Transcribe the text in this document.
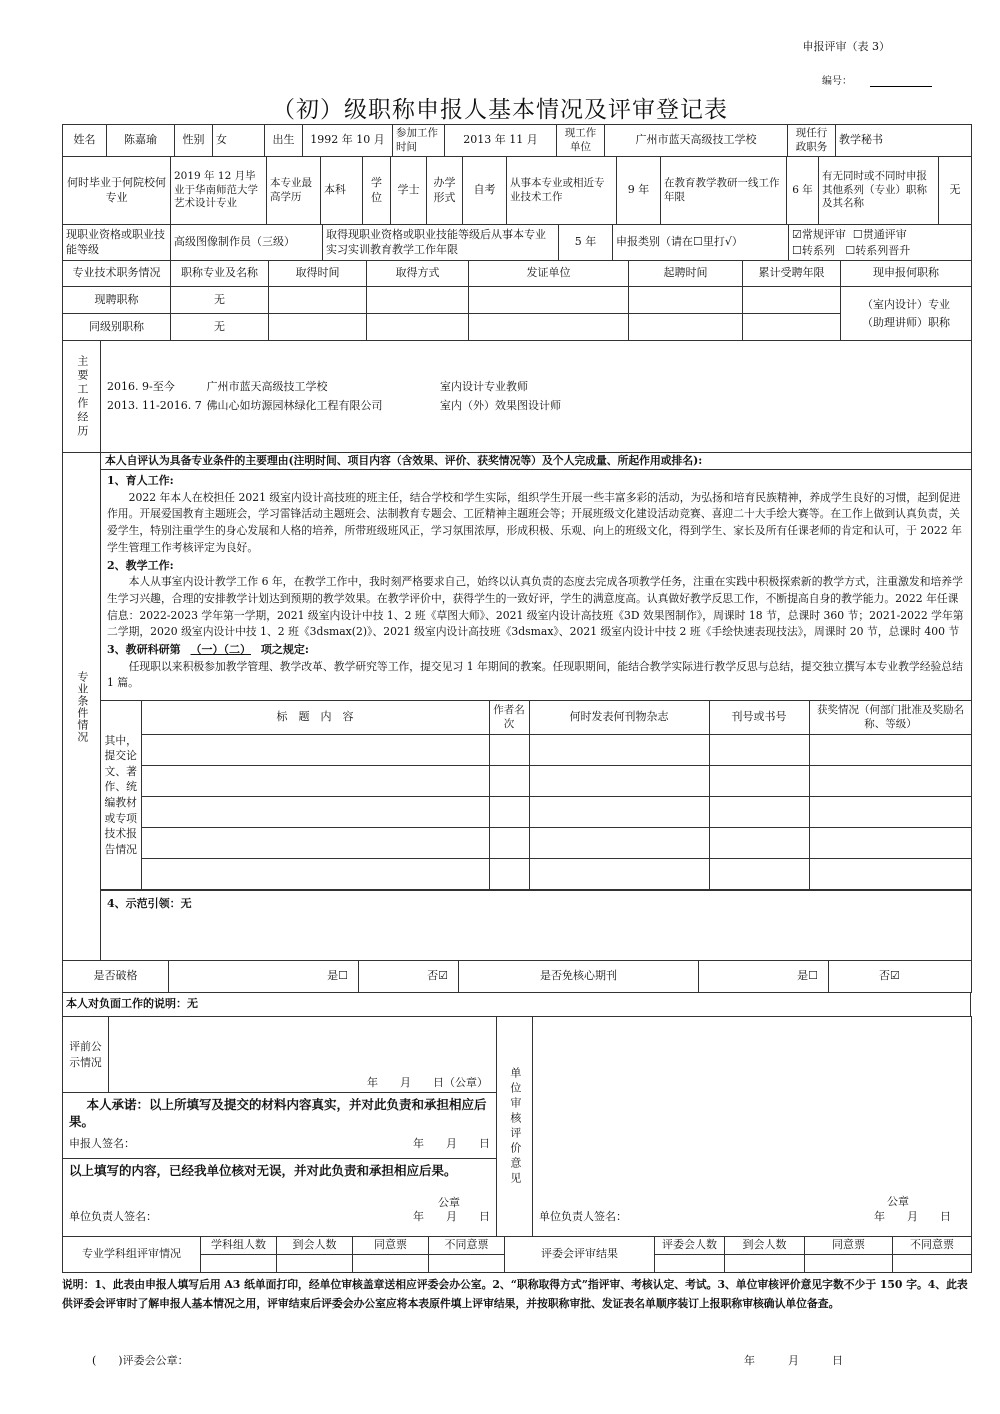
申报评审（表 3）
编号：
（初）级职称申报人基本情况及评审登记表
姓名	陈嘉瑜	性别	女	出生	1992 年 10 月	参加工作时间	2013 年 11 月	现工作单位	广州市蓝天高级技工学校	现任行政职务	教学秘书
何时毕业于何院校何专业	2019 年 12 月毕业于华南师范大学 艺术设计专业	本专业最高学历	本科	学位	学士	办学形式	自考	从事本专业或相近专业技术工作	9 年	在教育教学教研一线工作年限	6 年	有无同时或不同时申报其他系列（专业）职称及其名称	无
现职业资格或职业技能等级	高级图像制作员（三级）	取得现职业资格或职业技能等级后从事本专业实习实训教育教学工作年限	5 年	申报类别（请在☐里打√）	☑常规评审 ☐贯通评审
☐转系列 ☐转系列晋升
专业技术职务情况	职称专业及名称	取得时间	取得方式	发证单位	起聘时间	累计受聘年限	现申报何职称
现聘职称	无						（室内设计）专业
（助理讲师）职称
同级别职称	无						
主要工作经历	2016. 9-至今	广州市蓝天高级技工学校	室内设计专业教师
2013. 11-2016. 7 佛山心如坊源园林绿化工程有限公司	室内（外）效果图设计师
专业条件情况	
本人自评认为具备专业条件的主要理由(注明时间、项目内容（含效果、评价、获奖情况等）及个人完成量、所起作用或排名):
1、育人工作:
2022 年本人在校担任 2021 级室内设计高技班的班主任，结合学校和学生实际，组织学生开展一些丰富多彩的活动，为弘扬和培育民族精神，养成学生良好的习惯，起到促进作用。开展爱国教育主题班会，学习雷锋活动主题班会、法制教育专题会、工匠精神主题班会等；开展班级文化建设活动竞赛、喜迎二十大手绘大赛等。在工作上做到认真负责，关爱学生，特别注重学生的身心发展和人格的培养，所带班级班风正，学习氛围浓厚，形成积极、乐观、向上的班级文化，得到学生、家长及所有任课老师的肯定和认可，于 2022 年学生管理工作考核评定为良好。
2、教学工作:
本人从事室内设计教学工作 6 年，在教学工作中，我时刻严格要求自己，始终以认真负责的态度去完成各项教学任务，注重在实践中积极探索新的教学方式，注重激发和培养学生学习兴趣，合理的安排教学计划达到预期的教学效果。在教学评价中，获得学生的一致好评，学生的满意度高。认真做好教学反思工作，不断提高自身的教学能力。2022 年任课信息：2022-2023 学年第一学期，2021 级室内设计中技 1、2 班《草图大师》、2021 级室内设计高技班《3D 效果图制作》，周课时 18 节，总课时 360 节；2021-2022 学年第二学期，2020 级室内设计中技 1、2 班《3dsmax(2)》、2021 级室内设计高技班《3dsmax》、2021 级室内设计中技 2 班《手绘快速表现技法》，周课时 20 节，总课时 400 节
3、教研科研第 （一）（二） 项之规定:
任现职以来积极参加教学管理、教学改革、教学研究等工作，提交见习 1 年期间的教案。任现职期间，能结合教学实际进行教学反思与总结，提交独立撰写本专业教学经验总结 1 篇。
其中，提交论文、著作、统编教材或专项技术报告情况	标　题　内　容	作者名次	何时发表何刊物杂志	刊号或书号	获奖情况（何部门批准及奖励名称、等级）

4、示范引领：无
是否破格	是☐	否☑	是否免核心期刊	是☐	否☑
本人对负面工作的说明：无
评前公示情况	年　　月　　日（公章）	单位审核评价意见	
公章
单位负责人签名：	年　　月　　日

本人承诺：以上所填写及提交的材料内容真实，并对此负责和承担相应后果。
申报人签名：	年　　月　　日

以上填写的内容，已经我单位核对无误，并对此负责和承担相应后果。
公章
单位负责人签名：	年　　月　　日
专业学科组评审情况	学科组人数	到会人数	同意票	不同意票	评委会评审结果	评委会人数	到会人数	同意票	不同意票

说明：1、此表由申报人填写后用 A3 纸单面打印，经单位审核盖章送相应评委会办公室。2、“职称取得方式”指评审、考核认定、考试。3、单位审核评价意见字数不少于 150 字。4、此表供评委会评审时了解申报人基本情况之用，评审结束后评委会办公室应将本表原件填上评审结果，并按职称审批、发证表名单顺序装订上报职称审核确认单位备查。
(　　)评委会公章：	年　　　月　　　日
